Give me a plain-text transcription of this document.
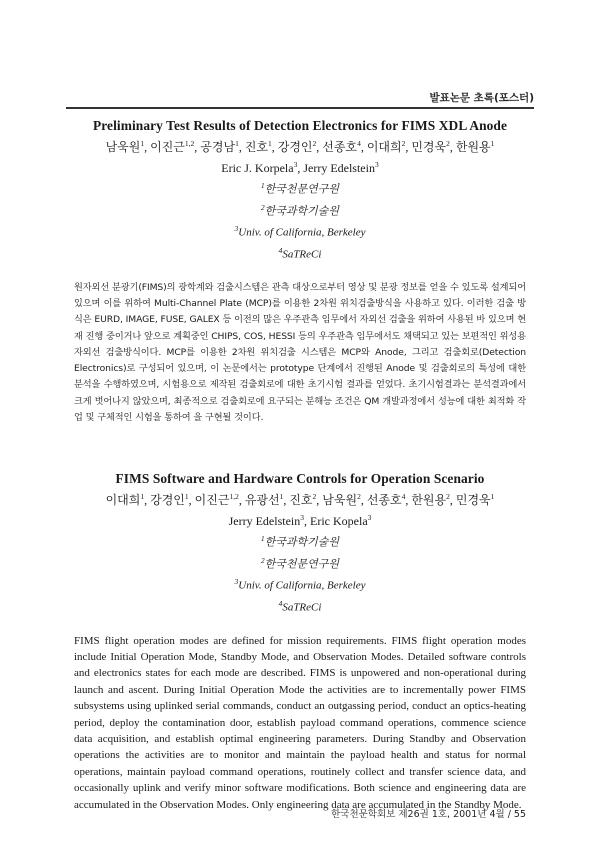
발표논문 초록(포스터)

Preliminary Test Results of Detection Electronics for FIMS XDL Anode

남욱원$^1$, 이진근$^{1,2}$, 공경남$^1$, 진호$^1$, 강경인$^2$, 선종호$^4$, 이대희$^2$, 민경욱$^2$, 한원용$^1$

Eric J. Korpela$^3$, Jerry Edelstein$^3$

$^1$한국천문연구원

$^2$한국과학기술원

$^3$Univ. of California, Berkeley

$^4$SaTReCi

원자외선 분광기(FIMS)의 광학계와 검출시스템은 관측 대상으로부터 영상 및 분광 정보를 얻을 수 있도록 설계되어 있으며 이를 위하여 Multi-Channel Plate (MCP)를 이용한 2차원 위치검출방식을 사용하고 있다. 이러한 검출 방식은 EURD, IMAGE, FUSE, GALEX 등 이전의 많은 우주관측 임무에서 자외선 검출을 위하여 사용된 바 있으며 현재 진행 중이거나 앞으로 계획중인 CHIPS, COS, HESSI 등의 우주관측 임무에서도 채택되고 있는 보편적인 위성용 자외선 검출방식이다. MCP를 이용한 2차원 위치검출 시스템은 MCP와 Anode, 그리고 검출회로(Detection Electronics)로 구성되어 있으며, 이 논문에서는 prototype 단계에서 진행된 Anode 및 검출회로의 특성에 대한 분석을 수행하였으며, 시험용으로 제작된 검출회로에 대한 초기시험 결과를 얻었다. 초기시험결과는 분석결과에서 크게 벗어나지 않았으며, 최종적으로 검출회로에 요구되는 분해능 조건은 QM 개발과정에서 성능에 대한 최적화 작업 및 구체적인 시험을 통하여 을 구현될 것이다.

FIMS Software and Hardware Controls for Operation Scenario

이대희$^1$, 강경인$^1$, 이진근$^{1,2}$, 유광선$^1$, 진호$^2$, 남욱원$^2$, 선종호$^4$, 한원용$^2$, 민경욱$^1$

Jerry Edelstein$^3$, Eric Kopela$^3$

$^1$한국과학기술원

$^2$한국천문연구원

$^3$Univ. of California, Berkeley

$^4$SaTReCi

FIMS flight operation modes are defined for mission requirements. FIMS flight operation modes include Initial Operation Mode, Standby Mode, and Observation Modes. Detailed software controls and electronics states for each mode are described. FIMS is unpowered and non-operational during launch and ascent. During Initial Operation Mode the activities are to incrementally power FIMS subsystems using uplinked serial commands, conduct an outgassing period, conduct an optics-heating period, deploy the contamination door, establish payload command operations, commence science data acquisition, and establish optimal engineering parameters. During Standby and Observation operations the activities are to monitor and maintain the payload health and status for normal operations, maintain payload command operations, routinely collect and transfer science data, and occasionally uplink and verify minor software modifications. Both science and engineering data are accumulated in the Observation Modes. Only engineering data are accumulated in the Standby Mode.

한국천문학회보 제26권 1호, 2001년 4월 / 55
